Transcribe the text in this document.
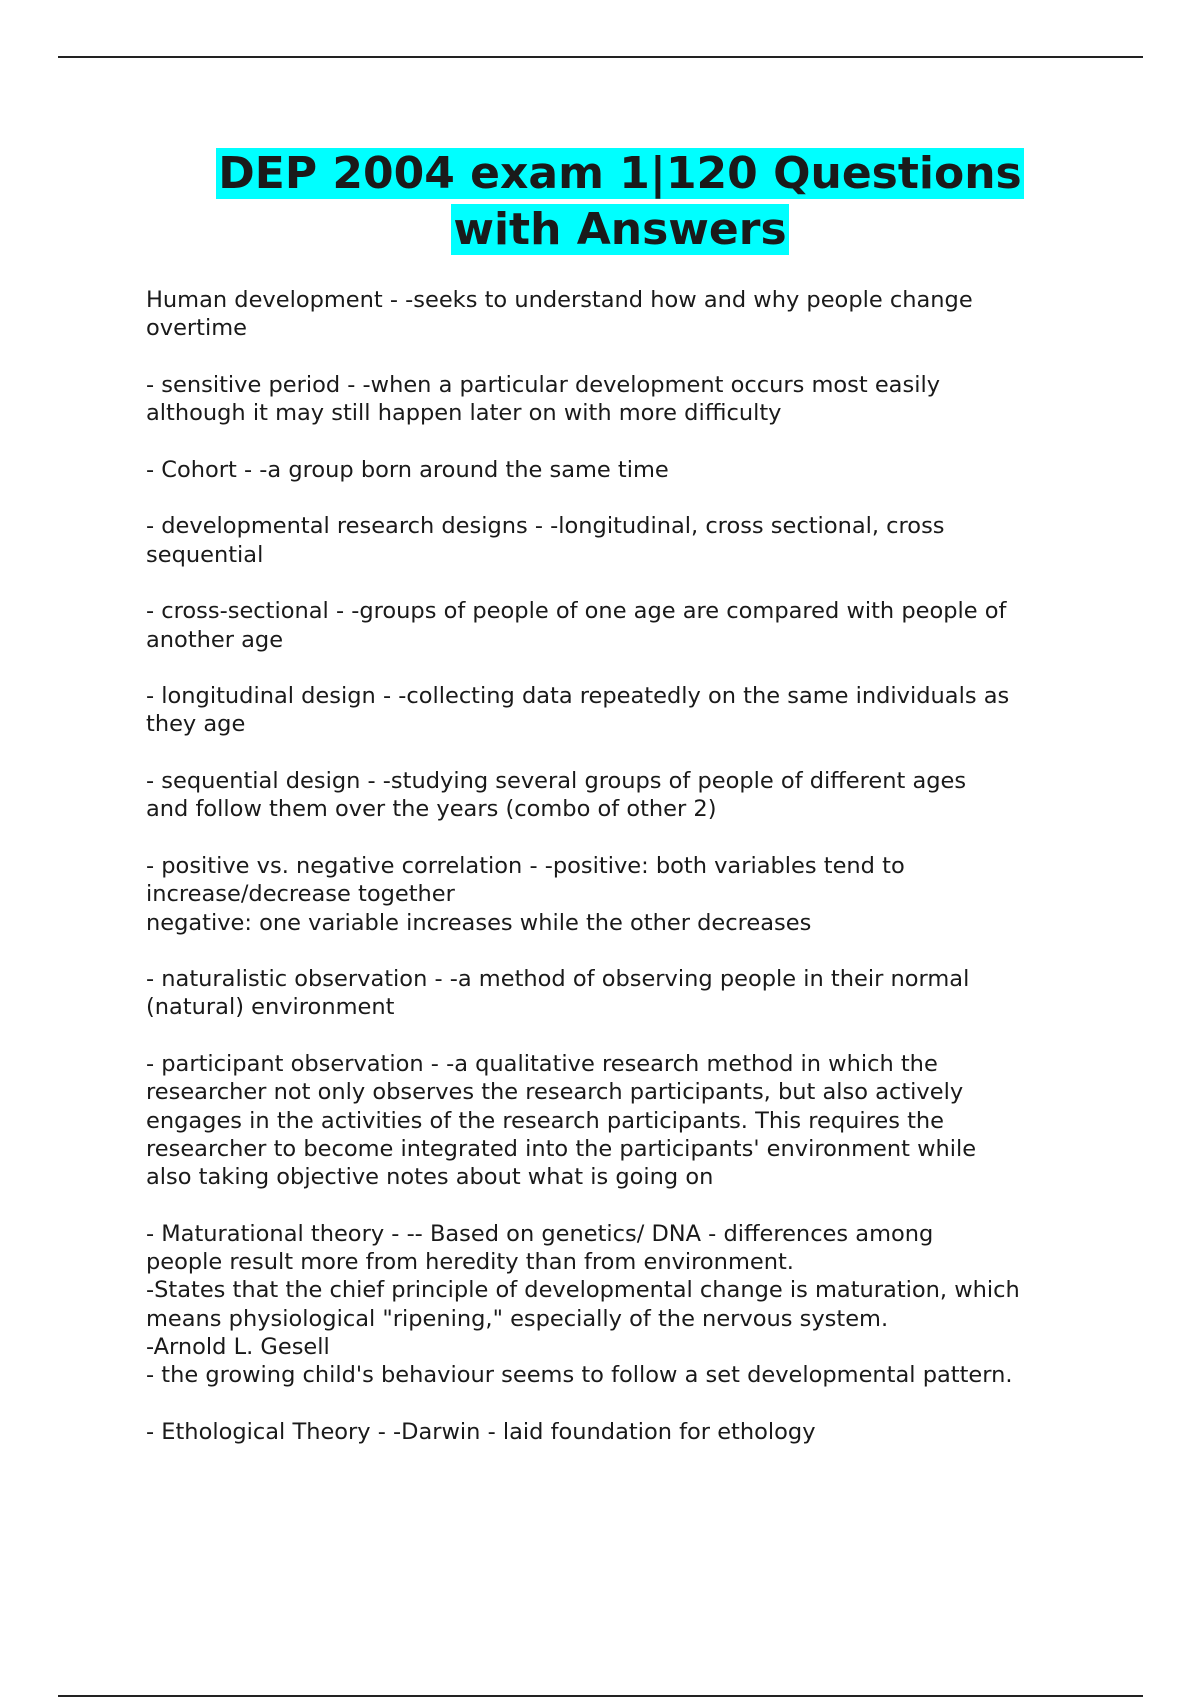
DEP 2004 exam 1|120 Questions
with Answers

Human development - -seeks to understand how and why people change
overtime

- sensitive period - -when a particular development occurs most easily
although it may still happen later on with more difficulty

- Cohort - -a group born around the same time

- developmental research designs - -longitudinal, cross sectional, cross
sequential

- cross-sectional - -groups of people of one age are compared with people of
another age

- longitudinal design - -collecting data repeatedly on the same individuals as
they age

- sequential design - -studying several groups of people of different ages
and follow them over the years (combo of other 2)

- positive vs. negative correlation - -positive: both variables tend to
increase/decrease together
negative: one variable increases while the other decreases

- naturalistic observation - -a method of observing people in their normal
(natural) environment

- participant observation - -a qualitative research method in which the
researcher not only observes the research participants, but also actively
engages in the activities of the research participants. This requires the
researcher to become integrated into the participants' environment while
also taking objective notes about what is going on

- Maturational theory - -- Based on genetics/ DNA - differences among
people result more from heredity than from environment.
-States that the chief principle of developmental change is maturation, which
means physiological "ripening," especially of the nervous system.
-Arnold L. Gesell
- the growing child's behaviour seems to follow a set developmental pattern.

- Ethological Theory - -Darwin - laid foundation for ethology
